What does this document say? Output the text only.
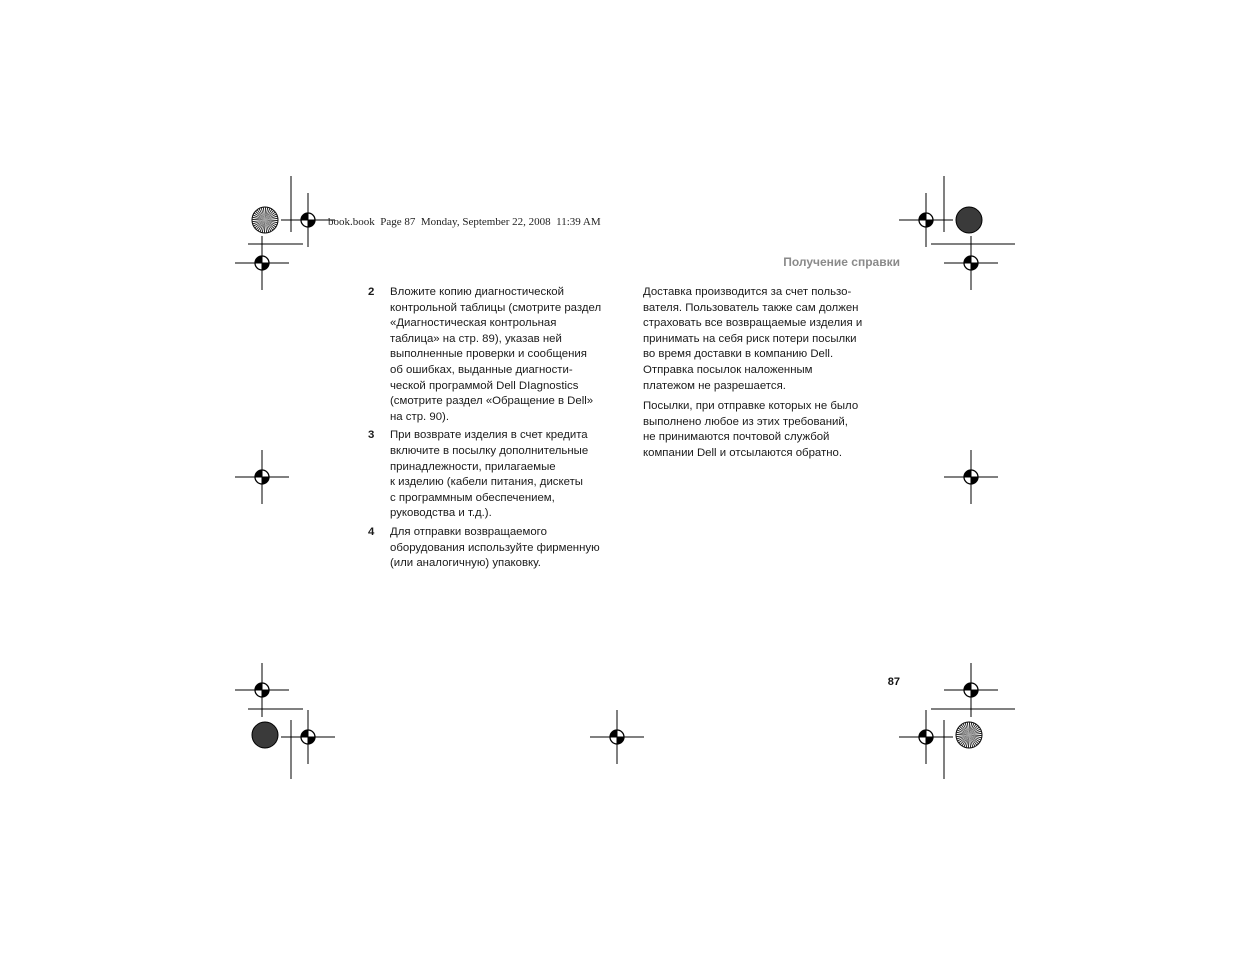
book.book  Page 87  Monday, September 22, 2008  11:39 AM
Получение справки
2	Вложите копию диагностической
контрольной таблицы (смотрите раздел
«Диагностическая контрольная
таблица» на стр. 89), указав ней
выполненные проверки и сообщения
об ошибках, выданные диагности-
ческой программой Dell DIagnostics
(смотрите раздел «Обращение в Dell»
на стр. 90).
3	При возврате изделия в счет кредита
включите в посылку дополнительные
принадлежности, прилагаемые
к изделию (кабели питания, дискеты
с программным обеспечением,
руководства и т.д.).
4	Для отправки возвращаемого
оборудования используйте фирменную
(или аналогичную) упаковку.

Доставка производится за счет пользо-
вателя. Пользователь также сам должен
страховать все возвращаемые изделия и
принимать на себя риск потери посылки
во время доставки в компанию Dell.
Отправка посылок наложенным
платежом не разрешается.

Посылки, при отправке которых не было
выполнено любое из этих требований,
не принимаются почтовой службой
компании Dell и отсылаются обратно.

87
